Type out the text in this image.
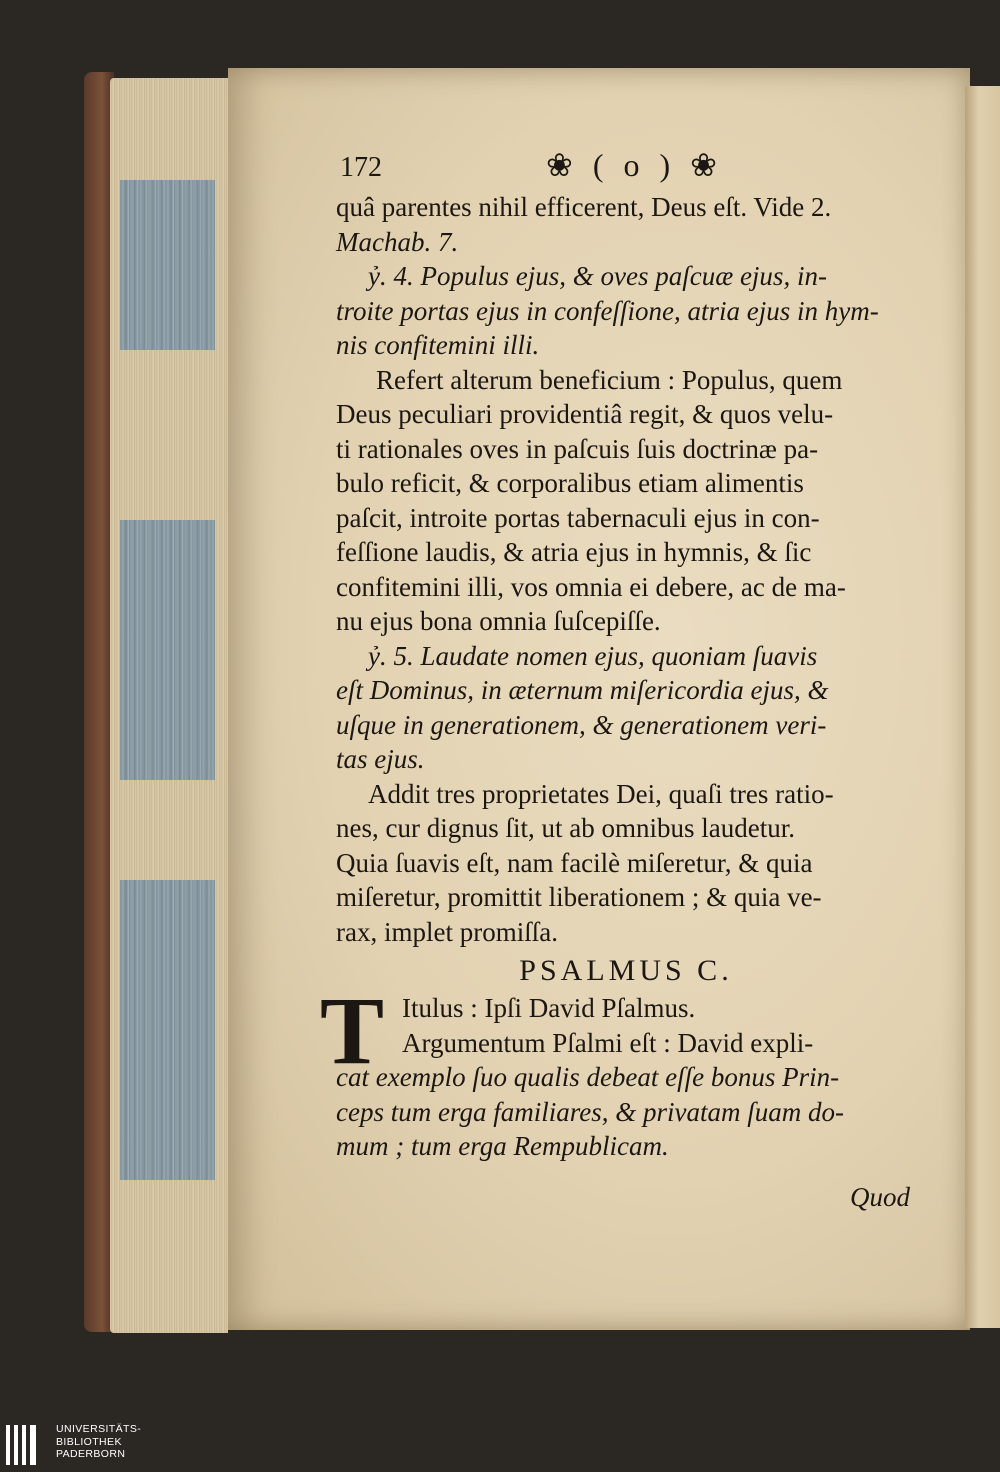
172	❀ ( o ) ❀
quâ parentes nihil efficerent, Deus eſt. Vide 2.
Machab. 7.
ỷ. 4. Populus ejus, & oves paſcuæ ejus, in-
troite portas ejus in confeſſione, atria ejus in hym-
nis confitemini illi.
Refert alterum beneficium : Populus, quem
Deus peculiari providentiâ regit, & quos velu-
ti rationales oves in paſcuis ſuis doctrinæ pa-
bulo reficit, & corporalibus etiam alimentis
paſcit, introite portas tabernaculi ejus in con-
feſſione laudis, & atria ejus in hymnis, & ſic
confitemini illi, vos omnia ei debere, ac de ma-
nu ejus bona omnia ſuſcepiſſe.
ỷ. 5. Laudate nomen ejus, quoniam ſuavis
eſt Dominus, in æternum miſericordia ejus, &
uſque in generationem, & generationem veri-
tas ejus.
Addit tres proprietates Dei, quaſi tres ratio-
nes, cur dignus ſit, ut ab omnibus laudetur.
Quia ſuavis eſt, nam facilè miſeretur, & quia
miſeretur, promittit liberationem ; & quia ve-
rax, implet promiſſa.
PSALMUS C.
T Itulus : Ipſi David Pſalmus.
Argumentum Pſalmi eſt : David expli-
cat exemplo ſuo qualis debeat eſſe bonus Prin-
ceps tum erga familiares, & privatam ſuam do-
mum ; tum erga Rempublicam.
Quod
UNIVERSITÄTS-
BIBLIOTHEK
PADERBORN
